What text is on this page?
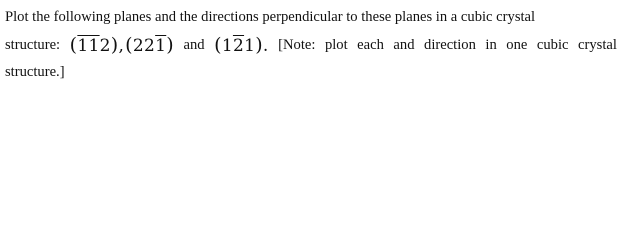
Plot the following planes and the directions perpendicular to these planes in a cubic crystal
structure: (112),(221) and (121). [Note: plot each and direction in one cubic crystal
structure.]
